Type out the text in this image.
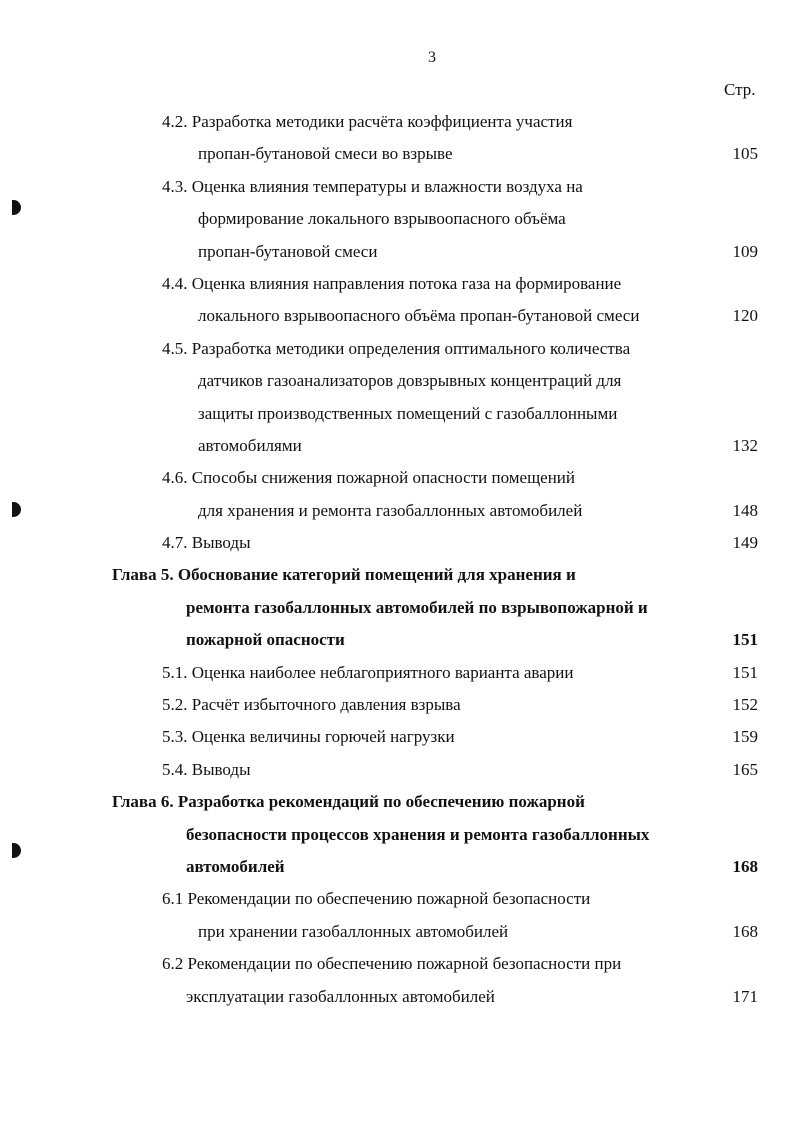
3
Стр.
4.2. Разработка методики расчёта коэффициента участия
пропан-бутановой смеси во взрыве	105
4.3. Оценка влияния температуры и влажности воздуха на
формирование локального взрывоопасного объёма
пропан-бутановой смеси	109
4.4. Оценка влияния направления потока газа на формирование
локального взрывоопасного объёма пропан-бутановой смеси	120
4.5. Разработка методики определения оптимального количества
датчиков газоанализаторов довзрывных концентраций для
защиты производственных помещений с газобаллонными
автомобилями	132
4.6. Способы снижения пожарной опасности помещений
для хранения и ремонта газобаллонных автомобилей	148
4.7. Выводы	149
Глава 5. Обоснование категорий помещений для хранения и
ремонта газобаллонных автомобилей по взрывопожарной и
пожарной опасности	151
5.1. Оценка наиболее неблагоприятного варианта аварии	151
5.2. Расчёт избыточного давления взрыва	152
5.3. Оценка величины горючей нагрузки	159
5.4. Выводы	165
Глава 6. Разработка рекомендаций по обеспечению пожарной
безопасности процессов хранения и ремонта газобаллонных
автомобилей	168
6.1 Рекомендации по обеспечению пожарной безопасности
при хранении газобаллонных автомобилей	168
6.2 Рекомендации по обеспечению пожарной безопасности при
эксплуатации газобаллонных автомобилей	171
